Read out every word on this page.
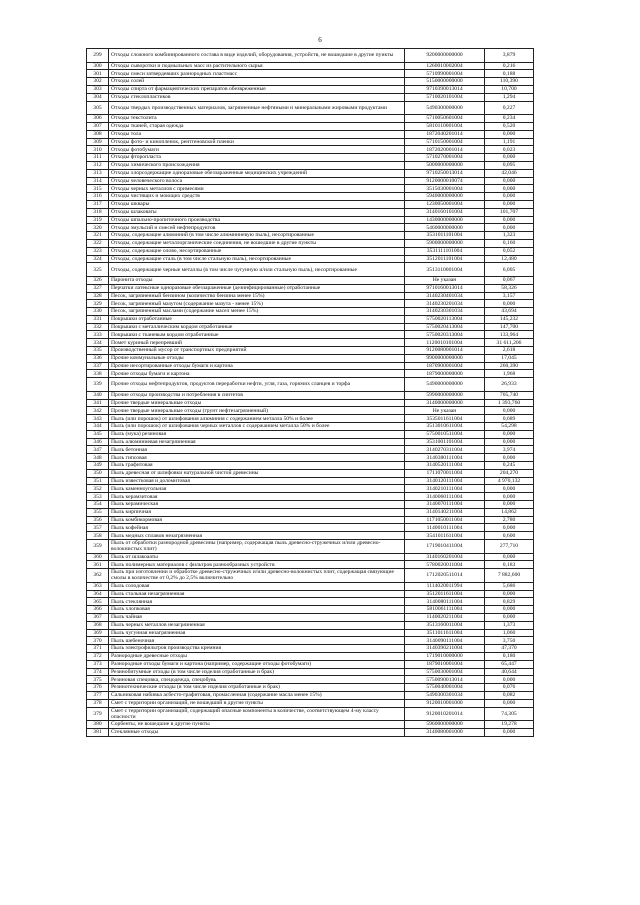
6
299	Отходы сложного комбинированного состава в виде изделий, оборудования, устройств, не вошедшие в другие пункты	9200000000000	3,879
300	Отходы сыворотки и подмыльных масс из растительного сырья	1260010002004	0,216
301	Отходы смеси затвердевших разнородных пластмасс	5710990001004	0,188
302	Отходы солей	5150000000000	110,390
303	Отходы спирта от фармацевтических препаратов обезвреженные	9710390013014	10,700
304	Отходы стеклопластиков	5710020101004	1,294
305	Отходы твердых производственных материалов, загрязненные нефтяными и минеральными жировыми продуктами	5490300000000	0,227
306	Отходы текстолита	5710050601004	0,234
307	Отходы тканей, старая одежда	5810110001004	0,520
308	Отходы тола	1872040201014	0,000
309	Отходы фото- и кинопленок, рентгеновской пленки	5710150001004	1,191
310	Отходы фотобумаги	1872020001014	0,023
311	Отходы фторопласта	5710270001004	0,000
312	Отходы химического происхождения	5000000000000	0,095
313	Отходы хлорсодержащие одноразовые обеззараженные медицинских учреждений	9710250013014	42,046
314	Отходы человеческого волоса	9120000010074	0,000
315	Отходы черных металлов с примесями	3515030001004	0,000
316	Отходы чистящих и моющих средств	5940000000000	0,000
317	Отходы шквары	1230050001004	0,000
318	Отходы шлаковаты	3140160101004	101,707
319	Отходы шпально-пропиточного производства	1430000000000	0,000
320	Отходы эмульсий и смесей нефтепродуктов	5460000000000	0,000
321	Отходы, содержащие алюминий (в том числе алюминиевую пыль), несортированные	3531011101004	1,323
322	Отходы, содержащие металлорганические соединения, не вошедшие в другие пункты	5900000000000	0,160
323	Отходы, содержащие олово, несортированные	3531111101004	0,052
324	Отходы, содержащие сталь (в том числе стальную пыль), несортированные	3512011101004	12,480
325	Отходы, содержащие черные металлы (в том числе чугунную и/или стальную пыль), несортированные	3513110001004	6,005
326	Паронита отходы	Не указан	0,067
327	Перчатки латексные одноразовые обеззараженные (дезинфицированные) отработанные	9710160013014	58,326
328	Песок, загрязненный бензином (количество бензина менее 15%)	3140230401034	3,157
329	Песок, загрязненный мазутом (содержание мазута - менее 15%)	3140230201034	0,000
330	Песок, загрязненный маслами (содержание масел менее 15%)	3140230301034	43,694
331	Покрышки отработанные	5750020113004	145,232
332	Покрышки с металлическим кордом отработанные	5750020413004	147,700
333	Покрышки с тканевым кордом отработанные	5750020313004	133,964
334	Помет куриный перепревший	1120010101004	31 611,206
335	Производственный мусор от транспортных предприятий	9120080001014	2,618
336	Прочие коммунальные отходы	9900000000000	17,045
337	Прочие несортированные отходы бумаги и картона	1870900001004	260,390
338	Прочие отходы бумаги и картона	1879000000000	1,968
339	Прочие отходы нефтепродуктов, продуктов переработки нефти, угля, газа, горючих сланцев и торфа	5490000000000	26,933
340	Прочие отходы производства и потребления в синтетов	5990000000000	705,740
341	Прочие твердые минеральные отходы	3140000000000	1 393,760
342	Прочие твердые минеральные отходы (грунт нефтезагрязненный)	Не указан	0,000
343	Пыль (или порошок) от шлифования алюминия с содержанием металла 50% и более	3535011611004	0,689
344	Пыль (или порошок) от шлифования черных металлов с содержанием металла 50% и более	3513010611004	54,298
345	Пыль (мука) резиновая	5750010511004	0,000
346	Пыль алюминиевая незагрязненная	3531001101004	0,000
347	Пыль бетонная	3140270311004	3,974
348	Пыль гипсовая	3140380111004	0,000
349	Пыль графитовая	3140520111004	0,245
350	Пыль древесная от шлифовки натуральной чистой древесины	1711070011004	204,270
351	Пыль известковая и доломитовая	3140120111004	4 970,132
352	Пыль каменноугольная	3140210111004	0,000
353	Пыль керамзитовая	3140060111004	0,000
354	Пыль керамическая	3140070111004	0,000
355	Пыль кирпичная	3140140211004	14,862
356	Пыль комбикормовая	1171050011004	2,780
357	Пыль кофейная	1140010111004	0,000
358	Пыль медных сплавов незагрязненная	3541011611004	0,600
359	Пыль от обработки разнородной древесины (например, содержащая пыль древесно-стружечных и/или древесно-волокнистых плит)	1719010411004	277,710
360	Пыль от шлакоааты	3140160201004	0,000
361	Пыль полимерных материалов с фильтров разнообразных устройств	5780020011004	0,183
362	Пыль при изготовлении и обработке древесно-стружечных и/или древесно-волокнистых плит, содержащая связующие смолы в количестве от 0,2% до 2,5% включительно	1712020511014	7 882,600
363	Пыль солодовая	1114020011994	5,686
364	Пыль стальная незагрязненная	3512011611004	0,000
365	Пыль стеклянная	3140080111004	0,829
366	Пыль хлопковая	5810061111004	0,000
367	Пыль чайная	1140020211004	0,000
368	Пыль черных металлов незагрязненная	3513160011004	1,373
369	Пыль чугунная незагрязненная	3511011611004	1,060
370	Пыль шебеночная	3140090111004	3,750
371	Пыль электрофильтров производства кремния	3140390211004	47,370
372	Разнородные древесные отходы	1719010000000	0,180
373	Разнородные отходы бумаги и картона (например, содержащие отходы фотобумаги)	1879010001004	65,447
374	Резинобитумные отходы (в том числе изделия отработанные и брак)	5750030001004	40,644
375	Резиновая спецовка, спецодежда, спецобувь	5750090013014	0,000
376	Резинотехнические отходы (в том числе изделия отработанные и брак)	5750040001004	0,076
377	Сальниковая набивка асбесто-графитовая, промасленная (содержание масла менее 15%)	5490300301034	0,082
378	Смет с территории организаций, не вошедший в другие пункты	9120010001000	0,000
379	Смет с территории организаций, содержащий опасные компоненты в количестве, соответствующем 4-му классу опасности	9120010201014	74,305
380	Сорбенты, не вошедшие в другие пункты	5960000000000	19,278
381	Стеклянные отходы	3140080001000	0,000
